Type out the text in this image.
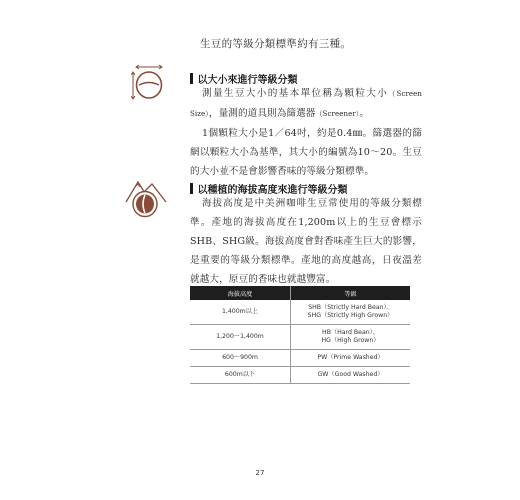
生豆的等級分類標準約有三種。
以大小來進行等級分類

測量生豆大小的基本單位稱為顆粒大小（Screen Size），量測的道具則為篩選器（Screener）。

1個顆粒大小是1／64吋，約是0.4㎜。篩選器的篩網以顆粒大小為基準，其大小的編號為10～20。生豆的大小並不是會影響香味的等級分類標準。

以種植的海拔高度來進行等級分類

海拔高度是中美洲咖啡生豆常使用的等級分類標準。產地的海拔高度在1,200m以上的生豆會標示SHB、SHG級。海拔高度會對香味產生巨大的影響，是重要的等級分類標準。產地的高度越高，日夜溫差就越大，原豆的香味也就越豐富。

海拔高度	等級
1,400m以上	SHB（Strictly Hard Bean）、
SHG（Strictly High Grown）

1,200〜1,400m	HB（Hard Bean）、
HG（High Grown）

600〜900m	PW（Prime Washed）
600m以下	GW（Good Washed）
27
